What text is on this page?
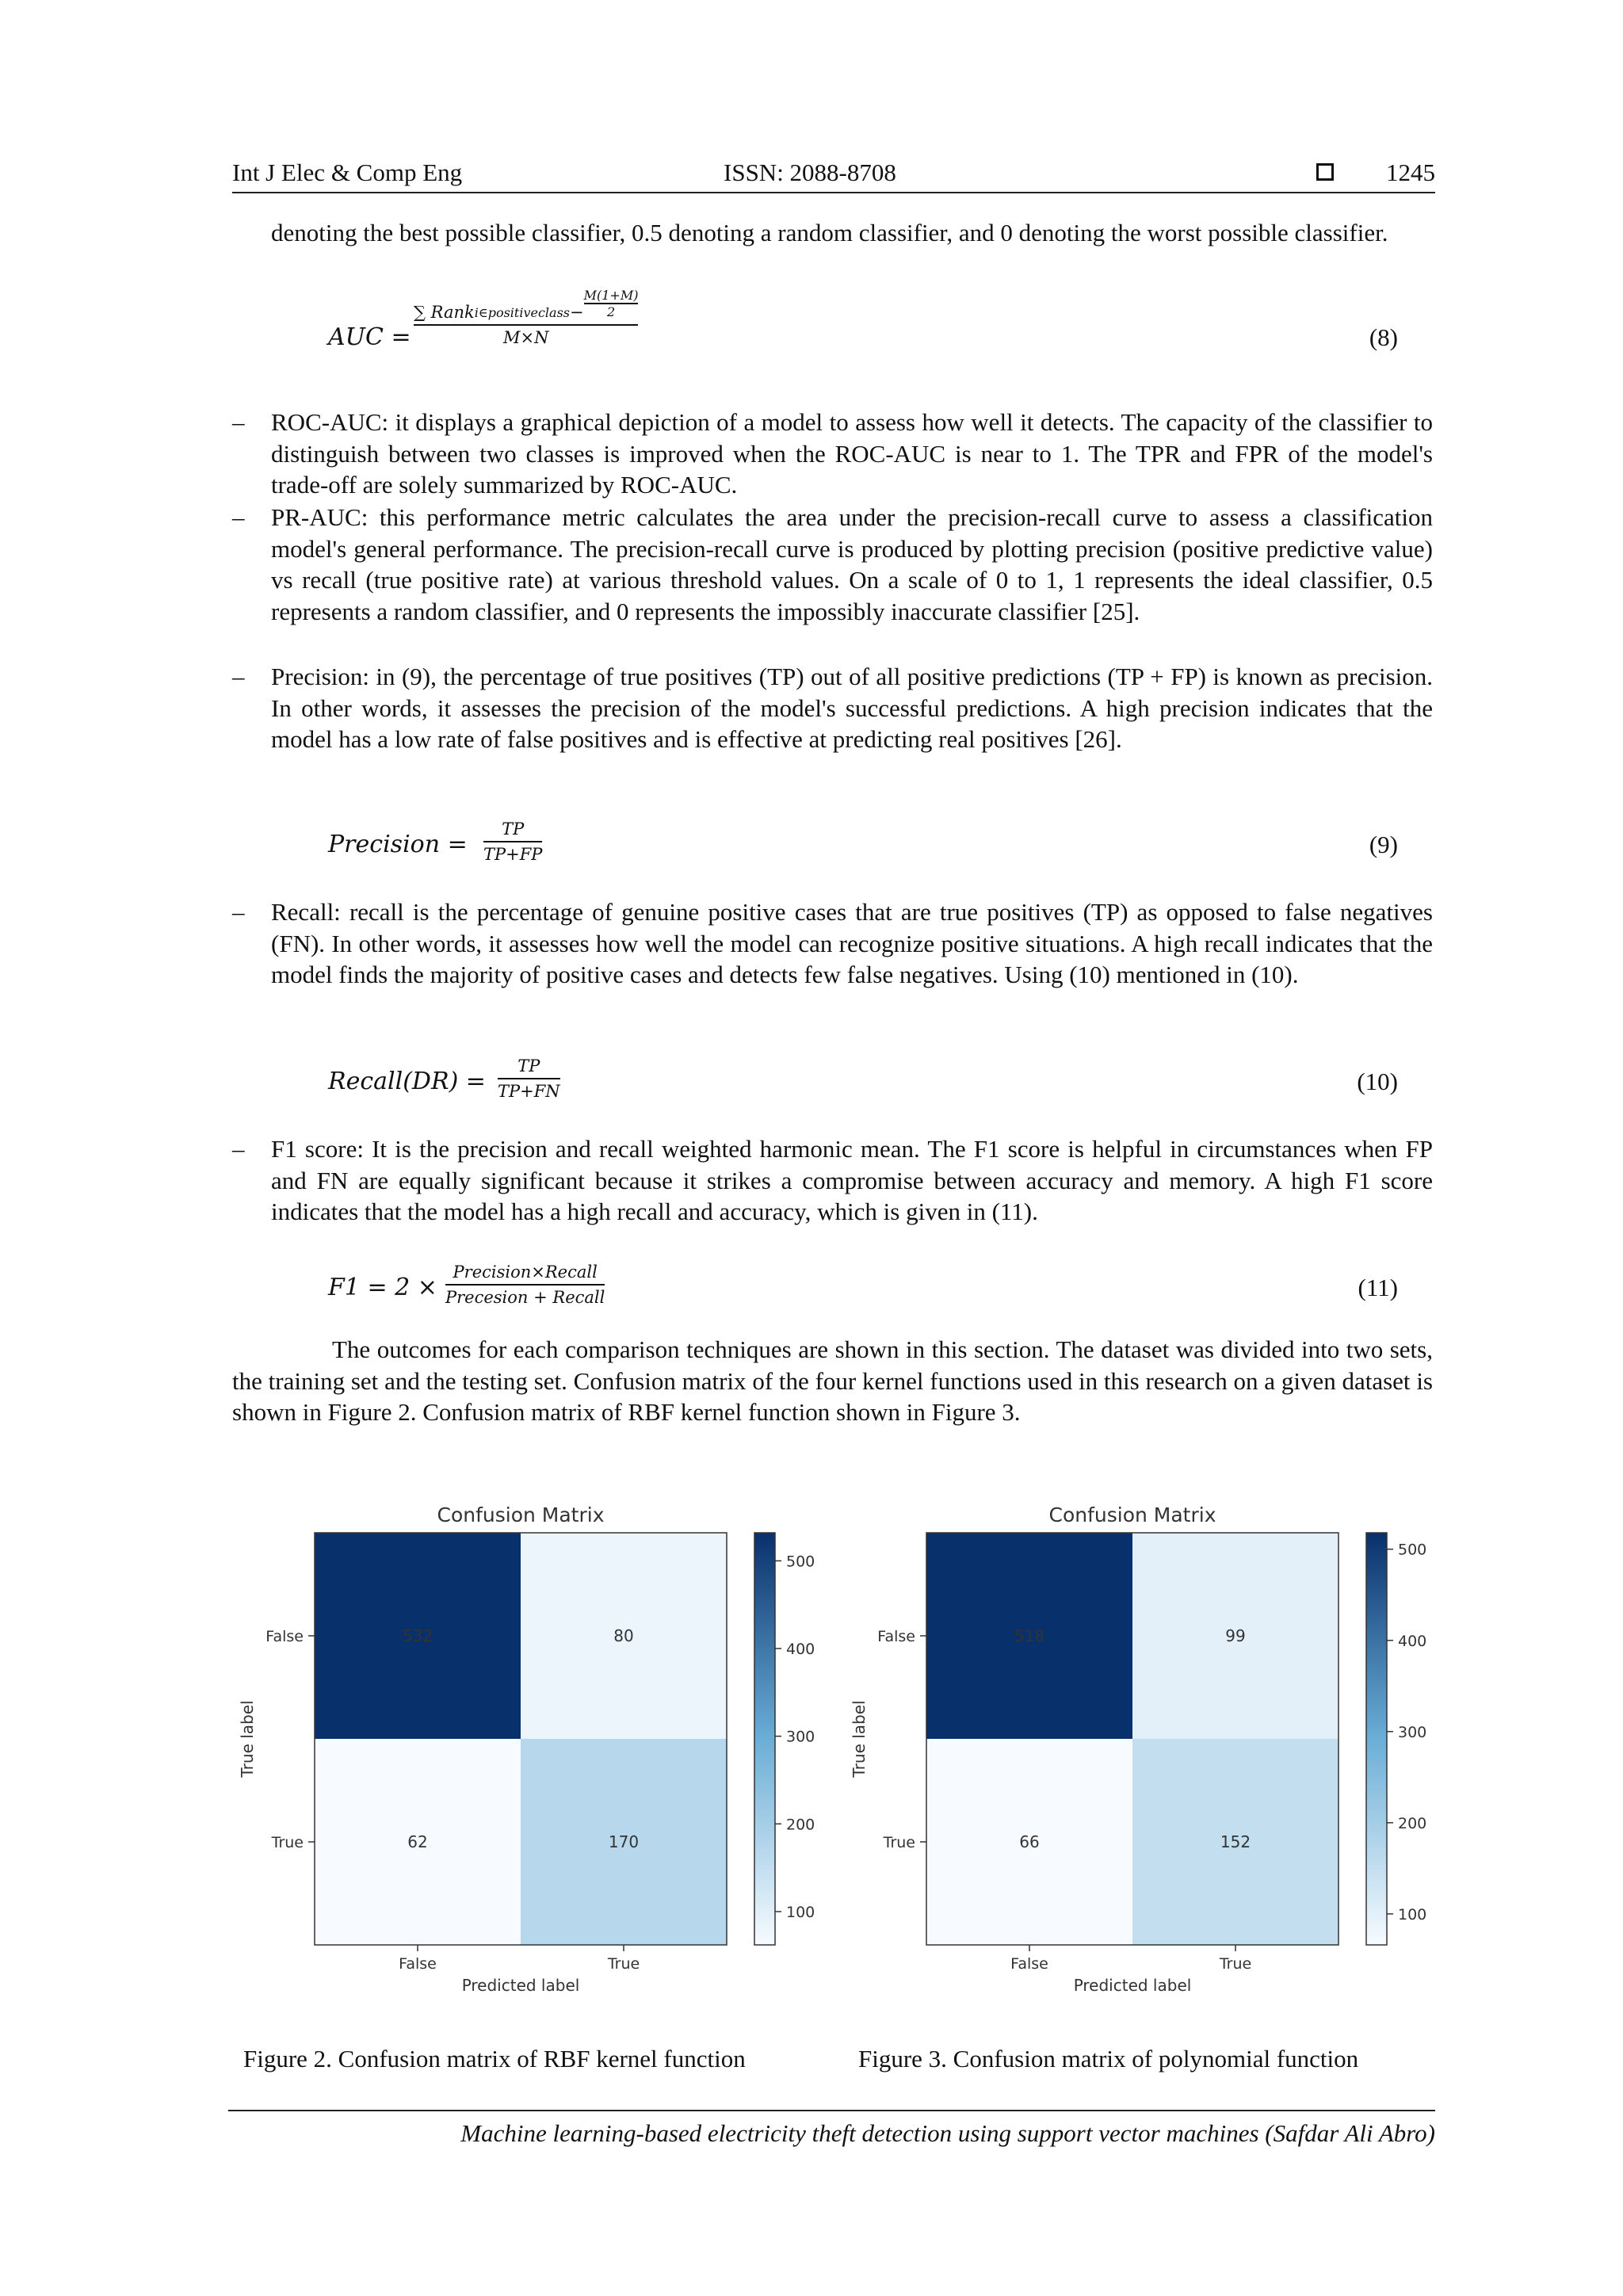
Int J Elec & Comp Eng	ISSN: 2088-8708	1245

denoting the best possible classifier, 0.5 denoting a random classifier, and 0 denoting the worst possible classifier.

AUC =
∑ Rank i∈positiveclass −
M(1+M)
2
M×N	(8)
–	ROC-AUC: it displays a graphical depiction of a model to assess how well it detects. The capacity of the classifier to distinguish between two classes is improved when the ROC-AUC is near to 1. The TPR and FPR of the model's trade-off are solely summarized by ROC-AUC.
–	PR-AUC: this performance metric calculates the area under the precision-recall curve to assess a classification model's general performance. The precision-recall curve is produced by plotting precision (positive predictive value) vs recall (true positive rate) at various threshold values. On a scale of 0 to 1, 1 represents the ideal classifier, 0.5 represents a random classifier, and 0 represents the impossibly inaccurate classifier [25].
–	Precision: in (9), the percentage of true positives (TP) out of all positive predictions (TP + FP) is known as precision. In other words, it assesses the precision of the model's successful predictions. A high precision indicates that the model has a low rate of false positives and is effective at predicting real positives [26].
Precision =
TP
TP+FP	(9)
–	Recall: recall is the percentage of genuine positive cases that are true positives (TP) as opposed to false negatives (FN). In other words, it assesses how well the model can recognize positive situations. A high recall indicates that the model finds the majority of positive cases and detects few false negatives. Using (10) mentioned in (10).
Recall(DR) =
TP
TP+FN	(10)
–	F1 score: It is the precision and recall weighted harmonic mean. The F1 score is helpful in circumstances when FP and FN are equally significant because it strikes a compromise between accuracy and memory. A high F1 score indicates that the model has a high recall and accuracy, which is given in (11).
F1 = 2 ×
Precision×Recall
Precesion + Recall	(11)

The outcomes for each comparison techniques are shown in this section. The dataset was divided into two sets, the training set and the testing set. Confusion matrix of the four kernel functions used in this research on a given dataset is shown in Figure 2. Confusion matrix of RBF kernel function shown in Figure 3.

Confusion Matrix
532	80
62	170
False
True
False	True
Predicted label
True label
100
200
300
400
500
Confusion Matrix
518	99
66	152
False
True
False	True
Predicted label
True label
100
200
300
400
500
Figure 2. Confusion matrix of RBF kernel function	Figure 3. Confusion matrix of polynomial function
Machine learning-based electricity theft detection using support vector machines (Safdar Ali Abro)
